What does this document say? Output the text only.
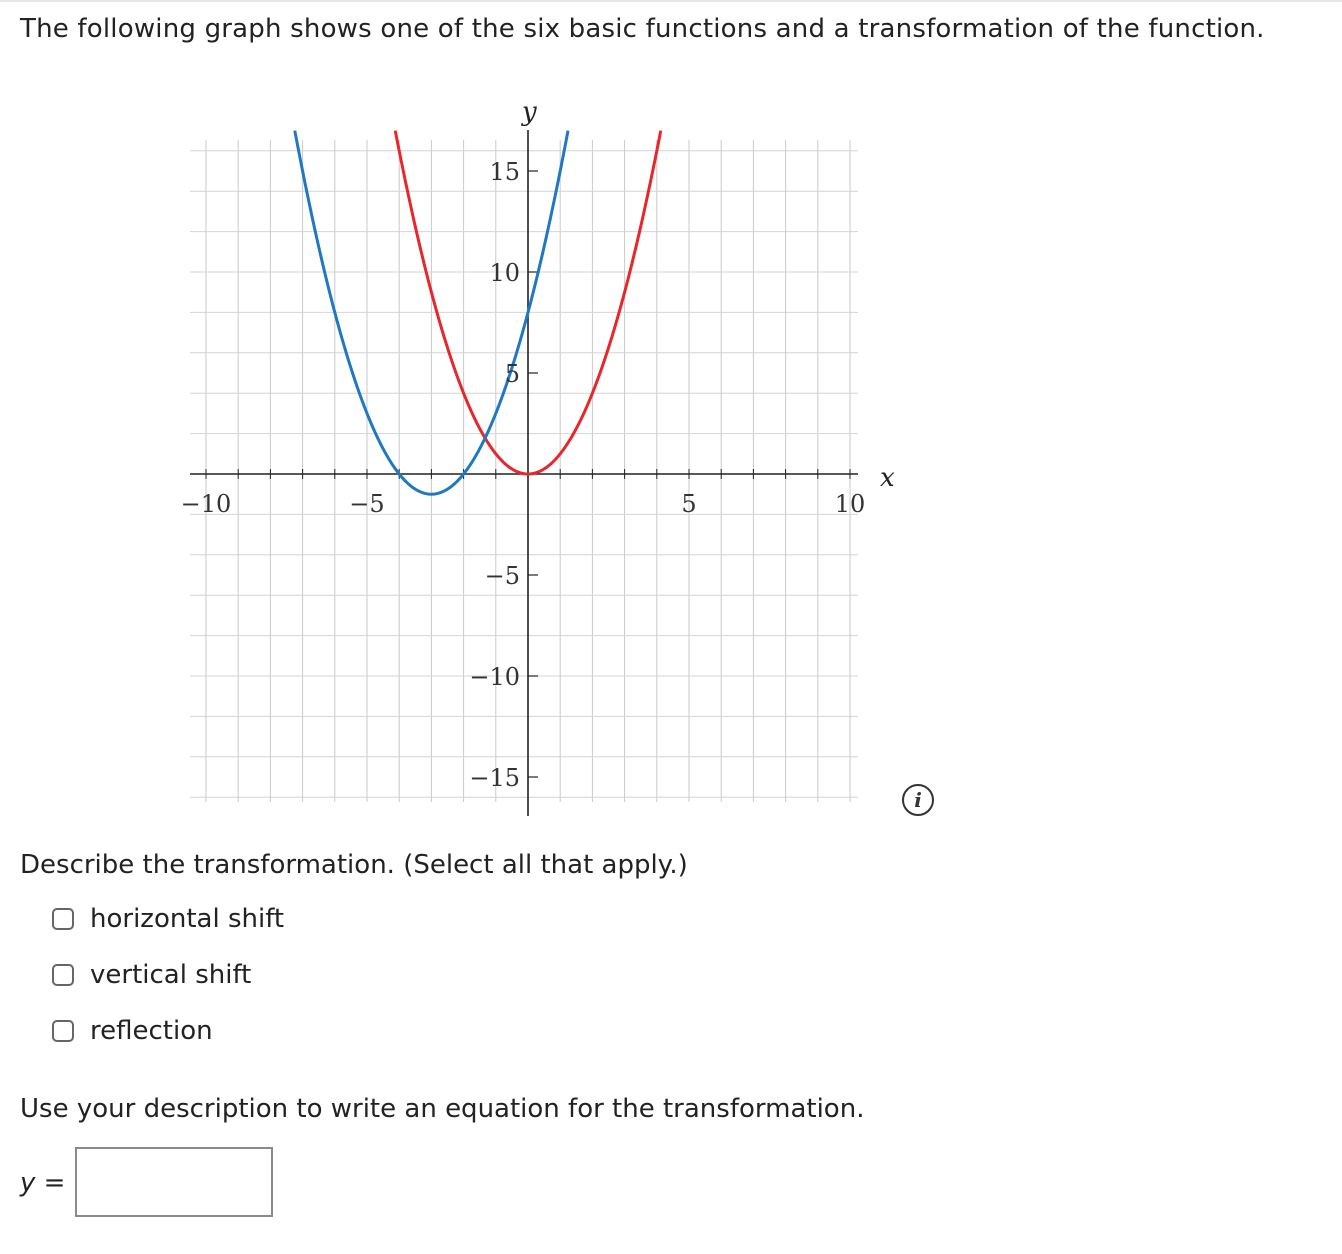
The following graph shows one of the six basic functions and a transformation of the function.
−10	−5	5	10
15
10
5
−5
−10
−15
x
y
i
Describe the transformation. (Select all that apply.)
horizontal shift
vertical shift
reflection
Use your description to write an equation for the transformation.
y =
